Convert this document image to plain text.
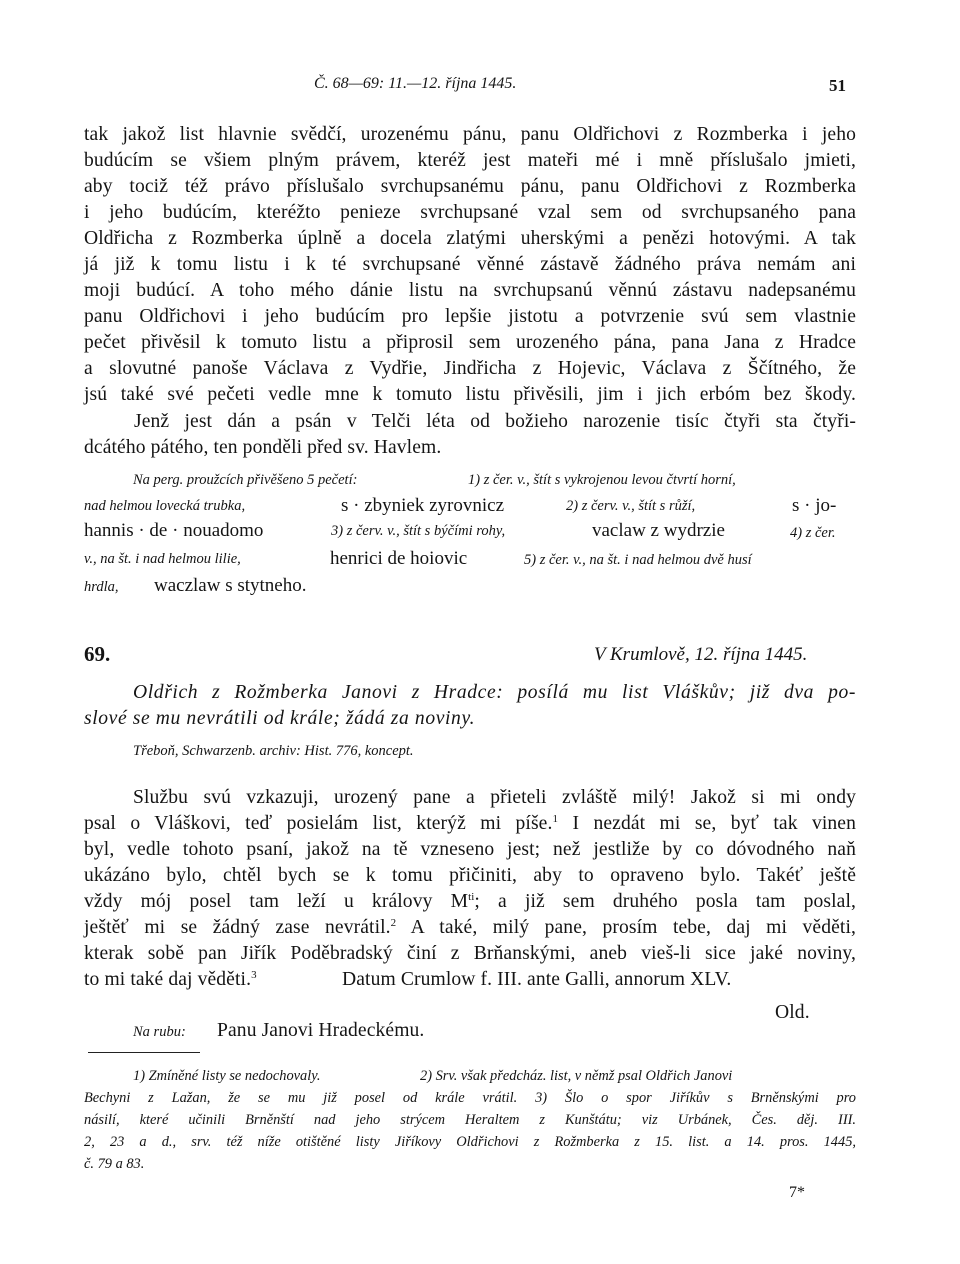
Č. 68—69: 11.—12. října 1445.	51
tak jakož list hlavnie svědčí, urozenému pánu, panu Oldřichovi z Rozmberka i jeho
budúcím se všiem plným právem, kteréž jest mateři mé i mně příslušalo jmieti,
aby tociž též právo příslušalo svrchupsanému pánu, panu Oldřichovi z Rozmberka
i jeho budúcím, kteréžto penieze svrchupsané vzal sem od svrchupsaného pana
Oldřicha z Rozmberka úplně a docela zlatými uherskými a penězi hotovými. A tak
já již k tomu listu i k té svrchupsané věnné zástavě žádného práva nemám ani
moji budúcí. A toho mého dánie listu na svrchupsanú věnnú zástavu nadepsanému
panu Oldřichovi i jeho budúcím pro lepšie jistotu a potvrzenie svú sem vlastnie
pečet přivěsil k tomuto listu a připrosil sem urozeného pána, pana Jana z Hradce
a slovutné panoše Václava z Vydřie, Jindřicha z Hojevic, Václava z Ščítného, že
jsú také své pečeti vedle mne k tomuto listu přivěsili, jim i jich erbóm bez škody.
Jenž jest dán a psán v Telči léta od božieho narozenie tisíc čtyři sta čtyři-
dcátého pátého, ten ponděli před sv. Havlem.
Na perg. proužcích přivěšeno 5 pečetí:	1) z čer. v., štít s vykrojenou levou čtvrtí horní,
nad helmou lovecká trubka,	s · zbyniek zyrovnicz	2) z červ. v., štít s růží,	s · jo-
hannis · de · nouadomo	3) z červ. v., štít s býčími rohy,	vaclaw z wydrzie	4) z čer.
v., na št. i nad helmou lilie,	henrici de hoiovic	5) z čer. v., na št. i nad helmou dvě husí
hrdla, waczlaw s stytneho.
69.	V Krumlově, 12. října 1445.
Oldřich z Rožmberka Janovi z Hradce: posílá mu list Vláškův; již dva po-
slové se mu nevrátili od krále; žádá za noviny.
Třeboň, Schwarzenb. archiv: Hist. 776, koncept.
Službu svú vzkazuji, urozený pane a přieteli zvláště milý! Jakož si mi ondy
psal o Vláškovi, teď posielám list, kterýž mi píše.$^1$ I nezdát mi se, byť tak vinen
byl, vedle tohoto psaní, jakož na tě vzneseno jest; než jestliže by co dóvodného naň
ukázáno bylo, chtěl bych se k tomu přičiniti, aby to opraveno bylo. Takéť ještě
vždy mój posel tam leží u královy $M^{ti}$; a již sem druhého posla tam poslal,
ještěť mi se žádný zase nevrátil.$^2$ A také, milý pane, prosím tebe, daj mi věděti,
kterak sobě pan Jiřík Poděbradský činí z Brňanskými, aneb vieš-li sice jaké noviny,
to mi také daj věděti.$^3$	Datum Crumlow f. III. ante Galli, annorum XLV.
Old.
Na rubu: Panu Janovi Hradeckému.
1) Zmíněné listy se nedochovaly.	2) Srv. však předcház. list, v němž psal Oldřich Janovi
Bechyni z Lažan, že se mu již posel od krále vrátil. 3) Šlo o spor Jiříkův s Brněnskými pro
násilí, které učinili Brněnští nad jeho strýcem Heraltem z Kunštátu; viz Urbánek, Čes. děj. III.
2, 23 a d., srv. též níže otištěné listy Jiříkovy Oldřichovi z Rožmberka z 15. list. a 14. pros. 1445,
č. 79 a 83.
7*
